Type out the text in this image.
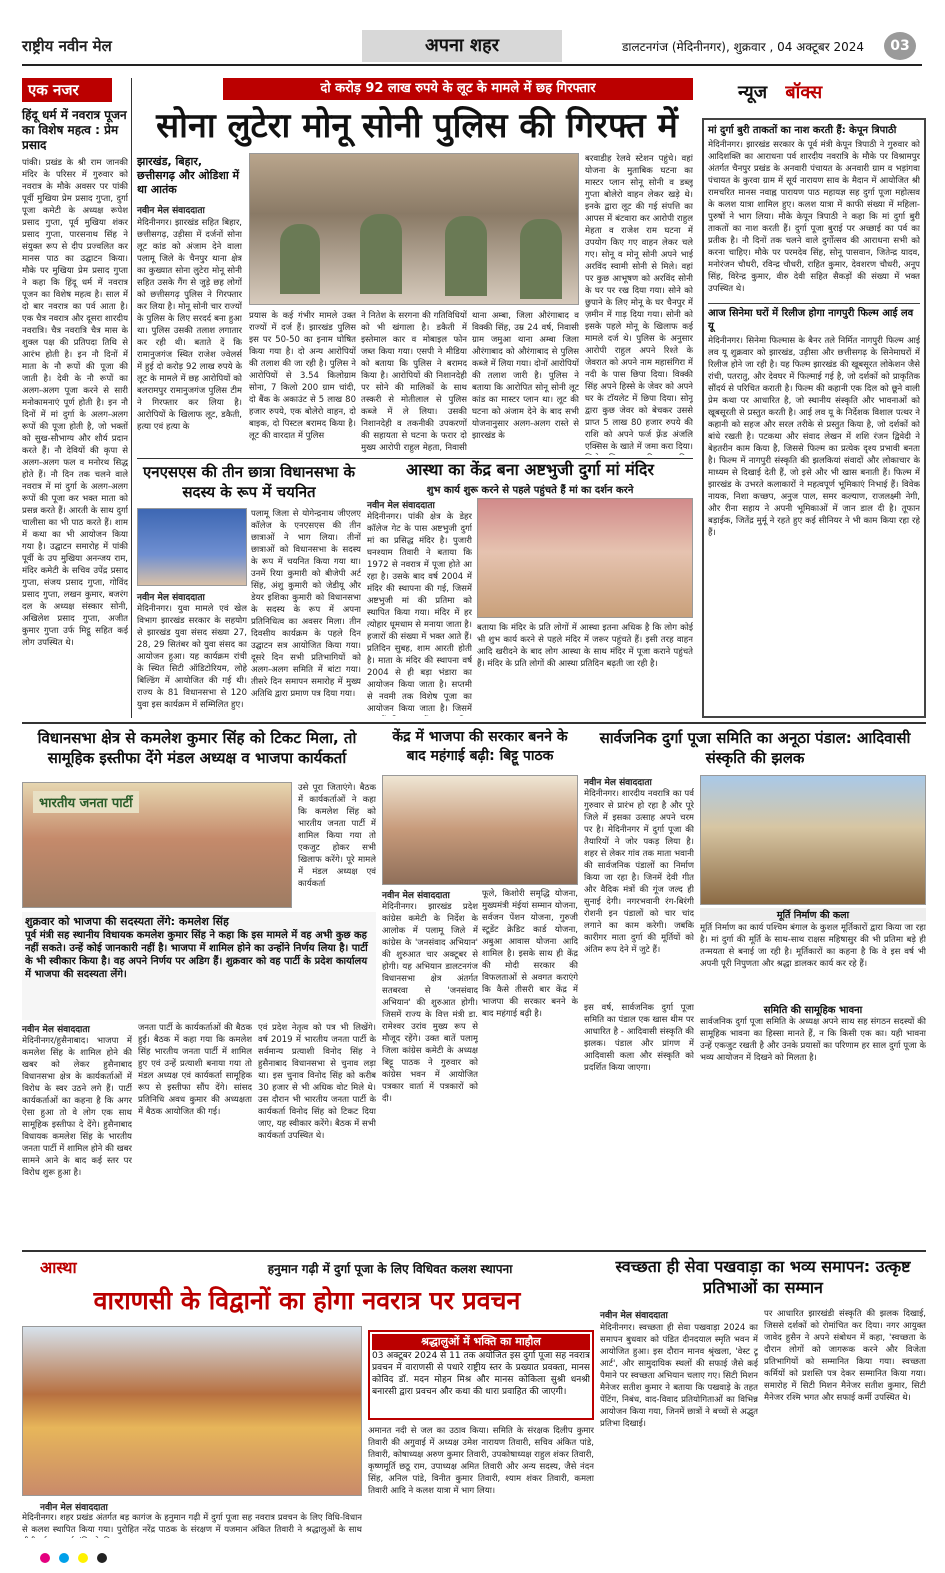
राष्ट्रीय नवीन मेल	अपना शहर	डालटनगंज (मेदिनीनगर), शुक्रवार , 04 अक्टूबर 2024	03
एक नजर
हिंदू धर्म में नवरात्र पूजन का विशेष महत्व : प्रेम प्रसाद
पांकी। प्रखंड के श्री राम जानकी मंदिर के परिसर में गुरुवार को नवरात्र के मौके अवसर पर पांकी पूर्वी मुखिया प्रेम प्रसाद गुप्ता, दुर्गा पूजा कमेटी के अध्यक्ष रूपेश प्रसाद गुप्ता, पूर्व मुखिया शंकर प्रसाद गुप्ता, पारसनाथ सिंह ने संयुक्त रूप से दीप प्रज्वलित कर मानस पाठ का उद्घाटन किया। मौके पर मुखिया प्रेम प्रसाद गुप्ता ने कहा कि हिंदू धर्म में नवरात्र पूजन का विशेष महत्व है। साल में दो बार नवरात्र का पर्व आता है। एक चैत्र नवरात्र और दूसरा शारदीय नवरात्रि। चैत्र नवरात्रि चैत्र मास के शुक्ल पक्ष की प्रतिपदा तिथि से आरंभ होती है। इन नौ दिनों में माता के नौ रूपों की पूजा की जाती है। देवी के नौ रूपों का अलग-अलग पूजा करने से सारी मनोकामनाएं पूर्ण होती है। इन नौ दिनों में मां दुर्गा के अलग-अलग रूपों की पूजा होती है, जो भक्तों को सुख-सौभाग्य और शौर्य प्रदान करते हैं। नौ देवियों की कृपा से अलग-अलग फल व मनोरथ सिद्ध होते हैं। नौ दिन तक चलने वाले नवरात्र में मां दुर्गा के अलग-अलग रूपों की पूजा कर भक्त माता को प्रसन्न करते हैं। आरती के साथ दुर्गा चालीसा का भी पाठ करते हैं। शाम में कथा का भी आयोजन किया गया है। उद्घाटन समारोह में पांकी पूर्वी के उप मुखिया अनन्जय राम, मंदिर कमेटी के सचिव उपेंद्र प्रसाद गुप्ता, संजय प्रसाद गुप्ता, गोविंद प्रसाद गुप्ता, लखन कुमार, बजरंग दल के अध्यक्ष संस्कार सोनी, अखिलेश प्रसाद गुप्ता, अजीत कुमार गुप्ता उर्फ मिट्ठू सहित कई लोग उपस्थित थे।
दो करोड़ 92 लाख रुपये के लूट के मामले में छह गिरफ्तार
सोना लुटेरा मोनू सोनी पुलिस की गिरफ्त में
झारखंड, बिहार, छत्तीसगढ़ और ओडिशा में था आतंक
नवीन मेल संवाददाता
मेदिनीनगर। झारखंड सहित बिहार, छत्तीसगढ़, उड़ीसा में दर्जनों सोना लूट कांड को अंजाम देने वाला पलामू जिले के चैनपुर थाना क्षेत्र का कुख्यात सोना लुटेरा मोनू सोनी सहित उसके गैंग से जुड़े छह लोगों को छत्तीसगढ़ पुलिस ने गिरफ्तार कर लिया है। मोनू सोनी चार राज्यों के पुलिस के लिए सरदर्द बना हुआ था। पुलिस उसकी तलाश लगातार कर रही थी। बताते दें कि रामानुजगंज स्थित राजेश ज्वेलर्स में हुई दो करोड़ 92 लाख रुपये के लूट के मामले में छह आरोपियों को बलरामपुर रामानुजगंज पुलिस टीम ने गिरफ्तार कर लिया है। आरोपियों के खिलाफ लूट, डकैती, हत्या एवं हत्या के
प्रयास के कई गंभीर मामले उक्त राज्यों में दर्ज हैं। झारखंड पुलिस इस पर 50-50 का इनाम घोषित किया गया है। दो अन्य आरोपियों की तलाश की जा रही है। पुलिस ने आरोपियों से 3.54 किलोग्राम सोना, 7 किलो 200 ग्राम चांदी, दो बैंक के अकाउंट से 5 लाख 80 हजार रुपये, एक बोलेरो वाहन, दो बाइक, दो पिस्टल बरामद किया है। लूट की वारदात में पुलिस
ने नितेश के सरगना की गतिविधियों को भी खंगाला है। डकैती में इस्तेमाल कार व मोबाइल फोन जब्त किया गया। एसपी ने मीडिया को बताया कि पुलिस ने बरामद किया है। आरोपियों की निशानदेही पर सोने की मालिकों के साथ तस्करी से मोतीलाल से पुलिस कब्जे में ले लिया। उसकी निशानदेही व तकनीकी उपकरणों की सहायता से घटना के फरार दो मुख्य आरोपी राहुल मेहता, निवासी
थाना अम्बा, जिला औरंगाबाद व विक्की सिंह, उम्र 24 वर्ष, निवासी ग्राम जमुआ थाना अम्बा जिला औरंगाबाद को औरंगाबाद से पुलिस कब्जे में लिया गया। दोनों आरोपियों की तलाश जारी है। पुलिस ने बताया कि आरोपित सोनू सोनी लूट कांड का मास्टर प्लान था। लूट की घटना को अंजाम देने के बाद सभी योजनानुसार अलग-अलग रास्ते से झारखंड के
बरवाडीह रेलवे स्टेशन पहुंचे। वहां योजना के मुताबिक घटना का मास्टर प्लान सोनू सोनी व डब्लू गुप्ता बोलेरो वाहन लेकर खड़े थे। इनके द्वारा लूट की गई संपत्ति का आपस में बंटवारा कर आरोपी राहुल मेहता व राजेश राम घटना में उपयोग किए गए वाहन लेकर चले गए। सोनू व मोनू सोनी अपने भाई अरविंद स्वामी सोनी से मिले। वहां पर कुछ आभूषण को अरविंद सोनी के घर पर रख दिया गया। सोने को छुपाने के लिए मोनू के घर चैनपुर में ज़मीन में गाड़ दिया गया। सोनी को इसके पहले मोनू के खिलाफ कई मामले दर्ज थे। पुलिस के अनुसार आरोपी राहुल अपने रिश्ते के जेवरात को अपने नाम महासंगिरा में नदी के पास छिपा दिया। विक्की सिंह अपने हिस्से के जेवर को अपने घर के टॉयलेट में छिपा दिया। सोनू द्वारा कुछ जेवर को बेचकर उससे प्राप्त 5 लाख 80 हजार रुपये की राशि को अपने फर्ज फ़्रेंड अंजलि एक्सिस के खाते में जमा करा दिया।
न्यूज बॉक्स
मां दुर्गा बुरी ताकतों का नाश करती हैं: केपून त्रिपाठी
मेदिनीनगर। झारखंड सरकार के पूर्व मंत्री केपून त्रिपाठी ने गुरुवार को आदिशक्ति का आराधना पर्व शारदीय नवरात्रि के मौके पर विश्रामपुर अंतर्गत चैनपुर प्रखंड के अनवारी पंचायत के अनवारी ग्राम व भड़ांगवा पंचायत के कुरवा ग्राम में सूर्य नारायण साव के मैदान में आयोजित श्री रामचरित मानस नवाह्न पारायण पाठ महायज्ञ सह दुर्गा पूजा महोत्सव के कलश यात्रा शामिल हुए। कलश यात्रा में काफी संख्या में महिला-पुरुषों ने भाग लिया। मौके केपून त्रिपाठी ने कहा कि मां दुर्गा बुरी ताकतों का नाश करती हैं। दुर्गा पूजा बुराई पर अच्छाई का पर्व का प्रतीक है। नौ दिनों तक चलने वाले दुर्गोत्सव की आराधना सभी को करना चाहिए। मौके पर परमदेव सिंह, सोनू पासवान, जितेन्द्र यादव, मनोरंजन चौधरी, रविन्द्र चौधरी, राहित कुमार, देवशरण चौधरी, अनूप सिंह, विरेन्द्र कुमार, वीरु देवी सहित सैकड़ों की संख्या में भक्त उपस्थित थे।
आज सिनेमा घरों में रिलीज होगा नागपुरी फिल्म आई लव यू
मेदिनीनगर। सिनेमा फिल्मास के बैनर तले निर्मित नागपुरी फिल्म आई लव यू शुक्रवार को झारखंड, उड़ीसा और छत्तीसगढ़ के सिनेमाघरों में रिलीज होने जा रही है। यह फिल्म झारखंड की खूबसूरत लोकेशन जैसे रांची, पतरातु, और देवघर में फिल्माई गई है, जो दर्शकों को प्राकृतिक सौंदर्य से परिचित कराती है। फिल्म की कहानी एक दिल को छूने वाली प्रेम कथा पर आधारित है, जो स्थानीय संस्कृति और भावनाओं को खूबसूरती से प्रस्तुत करती है। आई लव यू के निर्देशक विशाल पत्थर ने कहानी को सहज और सरल तरीके से प्रस्तुत किया है, जो दर्शकों को बांधे रखती है। पटकथा और संवाद लेखन में शशि रंजन द्विवेदी ने बेहतरीन काम किया है, जिससे फिल्म का प्रत्येक दृश्य प्रभावी बनता है। फिल्म में नागपुरी संस्कृति की झलकियां संवादों और लोकाचार के माध्यम से दिखाई देती हैं, जो इसे और भी खास बनाती हैं। फिल्म में झारखंड के उभरते कलाकारों ने महत्वपूर्ण भूमिकाएं निभाई हैं। विवेक नायक, निशा कच्छप, अनुज पाल, समर कल्याण, राजलक्ष्मी नेगी, और रीना सहाय ने अपनी भूमिकाओं में जान डाल दी है। तूफान बड़ाईक, जितेंद्र मुर्मू ने रहते हुए कई सीनियर ने भी काम किया रहा रहे हैं।
एनएसएस की तीन छात्रा विधानसभा के सदस्य के रूप में चयनित
नवीन मेल संवाददाता
मेदिनीनगर। युवा मामले एवं खेल विभाग झारखंड सरकार के सहयोग से झारखंड युवा संसद संख्या 27, 28, 29 सितंबर को युवा संसद का आयोजन हुआ। यह कार्यक्रम रांची के स्थित सिटी ऑडिटोरियम, लोहे बिल्डिंग में आयोजित की गई थी। राज्य के 81 विधानसभा से 120 युवा इस कार्यक्रम में सम्मिलित हुए।
पलामू जिला से योगेन्द्रनाथ जीएलए कॉलेज के एनएसएस की तीन छात्राओं ने भाग लिया। तीनों छात्राओं को विधानसभा के सदस्य के रूप में चयनित किया गया था। उनमें रिया कुमारी को बीजेपी अर्ट सिंह, अंशु कुमारी को जेडीयू और डेयर इशिका कुमारी को विधानसभा के सदस्य के रूप में अपना प्रतिनिधित्व का अवसर मिला। तीन दिवसीय कार्यक्रम के पहले दिन उद्घाटन सत्र आयोजित किया गया। दूसरे दिन सभी प्रतिभागियों को अलग-अलग समिति में बांटा गया। तीसरे दिन समापन समारोह में मुख्य अतिथि द्वारा प्रमाण पत्र दिया गया।
आस्था का केंद्र बना अष्टभुजी दुर्गा मां मंदिर
शुभ कार्य शुरू करने से पहले पहुंचते हैं मां का दर्शन करने
नवीन मेल संवाददाता
मेदिनीनगर। पांकी क्षेत्र के डेहर कॉलेज गेट के पास अष्टभुजी दुर्गा मां का प्रसिद्ध मंदिर है। पुजारी घनश्याम तिवारी ने बताया कि 1972 से नवरात्र में पूजा होते आ रहा है। उसके बाद वर्ष 2004 में मंदिर की स्थापना की गई, जिसमें अष्टभुजी मां की प्रतिमा को स्थापित किया गया। मंदिर में हर त्योहार धूमधाम से मनाया जाता है। हजारों की संख्या में भक्त आते हैं। प्रतिदिन सुबह, शाम आरती होती है। माता के मंदिर की स्थापना वर्ष 2004 से ही बड़ा भंडारा का आयोजन किया जाता है। सप्तमी से नवमी तक विशेष पूजा का आयोजन किया जाता है। जिसमें
बताया कि मंदिर के प्रति लोगों में आस्था इतना अधिक है कि लोग कोई भी शुभ कार्य करने से पहले मंदिर में जरूर पहुंचते हैं। इसी तरह वाहन आदि खरीदने के बाद लोग आस्था के साथ मंदिर में पूजा कराने पहुंचते हैं। मंदिर के प्रति लोगों की आस्था प्रतिदिन बढ़ती जा रही है।
विधानसभा क्षेत्र से कमलेश कुमार सिंह को टिकट मिला, तो सामूहिक इस्तीफा देंगे मंडल अध्यक्ष व भाजपा कार्यकर्ता
भारतीय जनता पार्टी
उसे पूरा जिताएंगे। बैठक में कार्यकर्ताओं ने कहा कि कमलेश सिंह को भारतीय जनता पार्टी में शामिल किया गया तो एकजुट होकर सभी खिलाफ करेंगे। पूरे मामले में मंडल अध्यक्ष एवं कार्यकर्ता
शुक्रवार को भाजपा की सदस्यता लेंगे: कमलेश सिंह
पूर्व मंत्री सह स्थानीय विधायक कमलेश कुमार सिंह ने कहा कि इस मामले में वह अभी कुछ कह नहीं सकते। उन्हें कोई जानकारी नहीं है। भाजपा में शामिल होने का उन्होंने निर्णय लिया है। पार्टी के भी स्वीकार किया है। वह अपने निर्णय पर अडिग हैं। शुक्रवार को वह पार्टी के प्रदेश कार्यालय में भाजपा की सदस्यता लेंगे।
नवीन मेल संवाददाता
मेदिनीनगर/हुसैनाबाद। भाजपा में कमलेश सिंह के शामिल होने की खबर को लेकर हुसैनाबाद विधानसभा क्षेत्र के कार्यकर्ताओं में विरोध के स्वर उठने लगे हैं। पार्टी कार्यकर्ताओं का कहना है कि अगर ऐसा हुआ तो वे लोग एक साथ सामूहिक इस्तीफा दे देंगे। हुसैनाबाद विधायक कमलेश सिंह के भारतीय जनता पार्टी में शामिल होने की खबर सामने आने के बाद कई स्तर पर विरोध शुरू हुआ है।
जनता पार्टी के कार्यकर्ताओं की बैठक हुई। बैठक में कहा गया कि कमलेश सिंह भारतीय जनता पार्टी में शामिल हुए एवं उन्हें प्रत्याशी बनाया गया तो मंडल अध्यक्ष एवं कार्यकर्ता सामूहिक रूप से इस्तीफा सौंप देंगे। सांसद प्रतिनिधि अवध कुमार की अध्यक्षता में बैठक आयोजित की गई।
एवं प्रदेश नेतृत्व को पत्र भी लिखेंगे। वर्ष 2019 में भारतीय जनता पार्टी के सर्वमान्य प्रत्याशी विनोद सिंह ने हुसैनाबाद विधानसभा से चुनाव लड़ा था। इस चुनाव विनोद सिंह को करीब 30 हजार से भी अधिक वोट मिले थे। उस दौरान भी भारतीय जनता पार्टी के कार्यकर्ता विनोद सिंह को टिकट दिया जाए, यह स्वीकार करेंगे। बैठक में सभी कार्यकर्ता उपस्थित थे।
केंद्र में भाजपा की सरकार बनने के बाद महंगाई बढ़ी: बिट्टू पाठक
नवीन मेल संवाददाता
मेदिनीनगर। झारखंड प्रदेश कांग्रेस कमेटी के निर्देश के आलोक में पलामू जिले में कांग्रेस के 'जनसंवाद अभियान' की शुरुआत चार अक्टूबर से होगी। यह अभियान डालटनगंज विधानसभा क्षेत्र अंतर्गत सतबरवा से 'जनसंवाद अभियान' की शुरुआत होगी। जिसमें राज्य के वित्त मंत्री डा. रामेश्वर उरांव मुख्य रूप से मौजूद रहेंगे। उक्त बातें पलामू जिला कांग्रेस कमेटी के अध्यक्ष बिट्टू पाठक ने गुरुवार को कांग्रेस भवन में आयोजित पत्रकार वार्ता में पत्रकारों को दी।
फूले, किशोरी समृद्धि योजना, मुख्यमंत्री मंईयां सम्मान योजना, सर्वजन पेंशन योजना, गुरुजी स्टूडेंट क्रेडिट कार्ड योजना, अबुआ आवास योजना आदि शामिल है। इसके साथ ही केंद्र की मोदी सरकार की विफलताओं से अवगत कराएंगे कि कैसे तीसरी बार केंद्र में भाजपा की सरकार बनने के बाद महंगाई बढ़ी है।
सार्वजनिक दुर्गा पूजा समिति का अनूठा पंडाल: आदिवासी संस्कृति की झलक
नवीन मेल संवाददाता
मेदिनीनगर। शारदीय नवरात्रि का पर्व गुरुवार से प्रारंभ हो रहा है और पूरे जिले में इसका उत्साह अपने चरम पर है। मेदिनीनगर में दुर्गा पूजा की तैयारियों ने जोर पकड़ लिया है। शहर से लेकर गांव तक माता भवानी की सार्वजनिक पंडालों का निर्माण किया जा रहा है। जिनमें देवी गीत और वैदिक मंत्रों की गूंज जल्द ही सुनाई देगी। नगरभवानी रंग-बिरंगी रोशनी इन पंडालों को चार चांद लगाने का काम करेगी। जबकि कारीगर माता दुर्गा की मूर्तियों को अंतिम रूप देने में जुटे हैं।
मूर्ति निर्माण की कला
मूर्ति निर्माण का कार्य पश्चिम बंगाल के कुशल मूर्तिकारों द्वारा किया जा रहा है। मां दुर्गा की मूर्ति के साथ-साथ राक्षस महिषासुर की भी प्रतिमा बड़े ही तन्मयता से बनाई जा रही है। मूर्तिकारों का कहना है कि वे इस वर्ष भी अपनी पूरी निपुणता और श्रद्धा डालकर कार्य कर रहे हैं।
इस वर्ष, सार्वजनिक दुर्गा पूजा समिति का पंडाल एक खास थीम पर आधारित है - आदिवासी संस्कृति की झलक। पंडाल और प्रांगण में आदिवासी कला और संस्कृति को प्रदर्शित किया जाएगा।
समिति की सामूहिक भावना
सार्वजनिक दुर्गा पूजा समिति के अध्यक्ष अपने साथ सह संगठन सदस्यों की सामूहिक भावना का हिस्सा मानते हैं, न कि किसी एक का। यही भावना उन्हें एकजुट रखती है और उनके प्रयासों का परिणाम हर साल दुर्गा पूजा के भव्य आयोजन में दिखने को मिलता है।
आस्था	हनुमान गढ़ी में दुर्गा पूजा के लिए विधिवत कलश स्थापना
वाराणसी के विद्वानों का होगा नवरात्र पर प्रवचन
श्रद्धालुओं में भक्ति का माहौल
03 अक्टूबर 2024 से 11 तक अयोजित इस दुर्गा पूजा सह नवरात्र प्रवचन में वाराणसी से पधारे राष्ट्रीय स्तर के प्रख्यात प्रवक्ता, मानस कोविद डॉ. मदन मोहन मिश्र और मानस कोकिला सुश्री धनश्री बनारसी द्वारा प्रवचन और कथा की धारा प्रवाहित की जाएगी।
अमानत नदी से जल का उठाव किया। समिति के संरक्षक दिलीप कुमार तिवारी की अगुवाई में अध्यक्ष उमेश नारायण तिवारी, सचिव अंकित पांडे, तिवारी, कोषाध्यक्ष अरुण कुमार तिवारी, उपकोषाध्यक्ष राहुल शंकर तिवारी, कृष्णमूर्ति छठू राम, उपाध्यक्ष अमित तिवारी और अन्य सदस्य, जैसे नंदन सिंह, अनिल पांडे, विनीत कुमार तिवारी, श्याम शंकर तिवारी, कमला तिवारी आदि ने कलश यात्रा में भाग लिया।
नवीन मेल संवाददाता
मेदिनीनगर। शहर प्रखंड अंतर्गत बड़ कागंज के हनुमान गढ़ी में दुर्गा पूजा सह नवरात्र प्रवचन के लिए विधि-विधान से कलश स्थापित किया गया। पुरोहित नरेंद्र पाठक के संरक्षण में यजमान अंकित तिवारी ने श्रद्धालुओं के साथ
स्वच्छता ही सेवा पखवाड़ा का भव्य समापन: उत्कृष्ट प्रतिभाओं का सम्मान
नवीन मेल संवाददाता
मेदिनीनगर। स्वच्छता ही सेवा पखवाड़ा 2024 का समापन बुधवार को पंडित दीनदयाल स्मृति भवन में आयोजित हुआ। इस दौरान मानव श्रृंखला, 'वेस्ट टू आर्ट', और सामुदायिक स्थलों की सफाई जैसे कई पैमाने पर स्वच्छता अभियान चलाए गए। सिटी मिशन मैनेजर सतीश कुमार ने बताया कि पखवाड़े के तहत पेंटिंग, निबंध, वाद-विवाद प्रतियोगिताओं का विभिन्न आयोजन किया गया, जिनमें छात्रों ने बच्चों से अद्भुत प्रतिभा दिखाई।
पर आधारित झारखंडी संस्कृति की झलक दिखाई, जिससे दर्शकों को रोमांचित कर दिया। नगर आयुक्त जावेद हुसैन ने अपने संबोधन में कहा, 'स्वच्छता के दौरान लोगों को जागरूक करने और विजेता प्रतिभागियों को सम्मानित किया गया। स्वच्छता कर्मियों को प्रशस्ति पत्र देकर सम्मानित किया गया। समारोह में सिटी मिशन मैनेजर सतीश कुमार, सिटी मैनेजर रश्मि भगत और सफाई कर्मी उपस्थित थे।
